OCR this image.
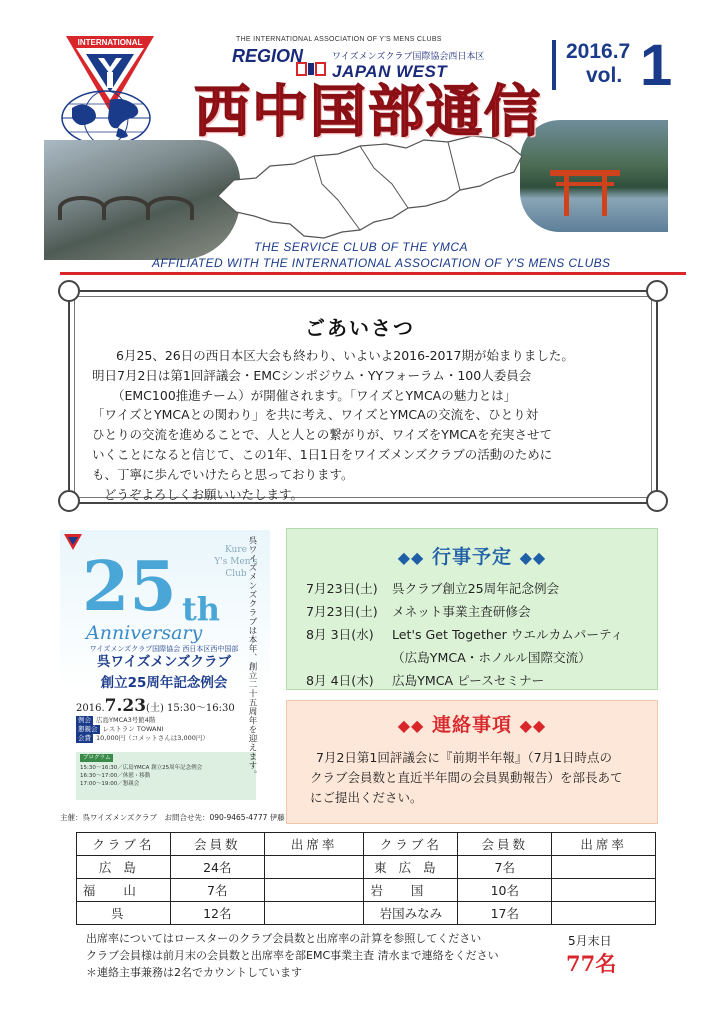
INTERNATIONAL	THE INTERNATIONAL ASSOCIATION OF Y'S MENS CLUBS
REGION	ワイズメンズクラブ国際協会西日本区
JAPAN WEST
西中国部通信
2016.7
vol. 1
THE SERVICE CLUB OF THE YMCA
AFFILIATED WITH THE INTERNATIONAL ASSOCIATION OF Y'S MENS CLUBS
ごあいさつ

6月25、26日の西日本区大会も終わり、いよいよ2016-2017期が始まりました。

明日7月2日は第1回評議会・EMCシンポジウム・YYフォーラム・100人委員会

（EMC100推進チーム）が開催されます。「ワイズとYMCAの魅力とは」

「ワイズとYMCAとの関わり」を共に考え、ワイズとYMCAの交流を、ひとり対

ひとりの交流を進めることで、人と人との繋がりが、ワイズをYMCAを充実させて

いくことになると信じて、この1年、1日1日をワイズメンズクラブの活動のために

も、丁寧に歩んでいけたらと思っております。

どうぞよろしくお願いいたします。

Kure
Y's Men's
Club
25 th
Anniversary
ワイズメンズクラブ国際協会 西日本区西中国部
呉ワイズメンズクラブ
創立25周年記念例会
2016.7.23(土) 15:30～16:30
例会 広島YMCA3号館4階
懇親会 レストラン TOWANI
会費 10,000円（コメットさんは3,000円）
プログラム
15:30～16:30／広島YMCA 創立25周年記念例会
16:30～17:00／休憩・移動
17:00～19:00／懇親会
呉ワイズメンズクラブは本年、創立二十五周年を迎えます。
主催：呉ワイズメンズクラブ　お問合せ先：090-9465-4777 伊藤
◆◆ 行事予定 ◆◆
7月23日(土) 呉クラブ創立25周年記念例会
7月23日(土) メネット事業主査研修会
8月 3日(水) Let's Get Together ウエルカムパーティ
（広島YMCA・ホノルル国際交流）
8月 4日(木) 広島YMCA ピースセミナー
◆◆ 連絡事項 ◆◆

7月2日第1回評議会に『前期半年報』（7月1日時点の

クラブ会員数と直近半年間の会員異動報告）を部長あて

にご提出ください。

クラブ名	会員数	出席率	クラブ名	会員数	出席率
広島	24名		東広島	7名	
福山	7名		岩国	10名	
呉	12名		岩国みなみ	17名	
出席率についてはロースターのクラブ会員数と出席率の計算を参照してください
クラブ会員様は前月末の会員数と出席率を部EMC事業主査 清水まで連絡をください
＊連絡主事兼務は2名でカウントしています
5月末日
77名
